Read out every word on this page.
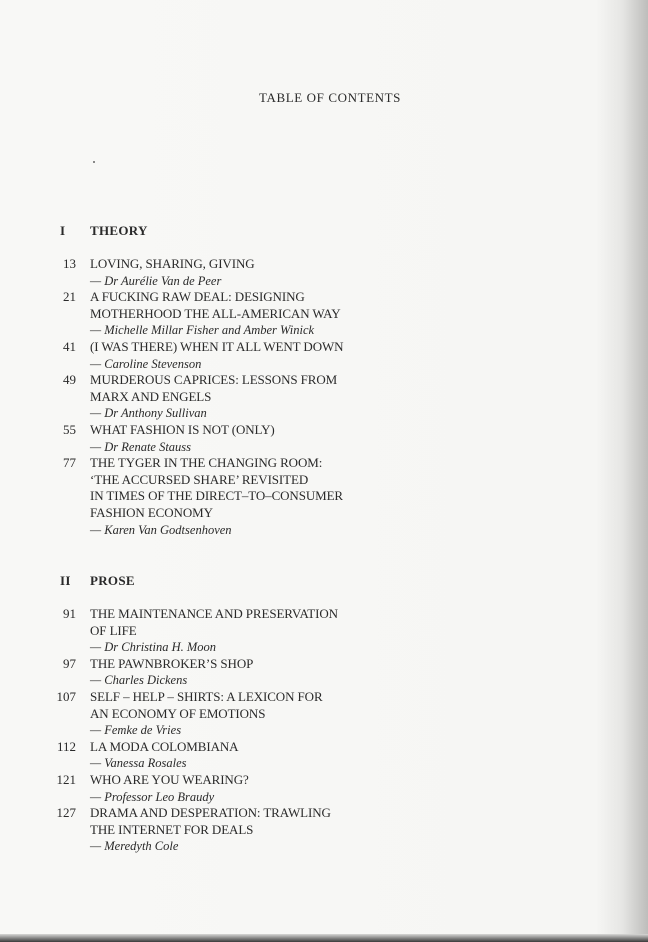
TABLE OF CONTENTS
I THEORY
13 LOVING, SHARING, GIVING
— Dr Aurélie Van de Peer
21 A FUCKING RAW DEAL: DESIGNING
MOTHERHOOD THE ALL-AMERICAN WAY
— Michelle Millar Fisher and Amber Winick
41 (I WAS THERE) WHEN IT ALL WENT DOWN
— Caroline Stevenson
49 MURDEROUS CAPRICES: LESSONS FROM
MARX AND ENGELS
— Dr Anthony Sullivan
55 WHAT FASHION IS NOT (ONLY)
— Dr Renate Stauss
77 THE TYGER IN THE CHANGING ROOM:
‘THE ACCURSED SHARE’ REVISITED
IN TIMES OF THE DIRECT–TO–CONSUMER
FASHION ECONOMY
— Karen Van Godtsenhoven
II PROSE
91 THE MAINTENANCE AND PRESERVATION
OF LIFE
— Dr Christina H. Moon
97 THE PAWNBROKER’S SHOP
— Charles Dickens
107 SELF – HELP – SHIRTS: A LEXICON FOR
AN ECONOMY OF EMOTIONS
— Femke de Vries
112 LA MODA COLOMBIANA
— Vanessa Rosales
121 WHO ARE YOU WEARING?
— Professor Leo Braudy
127 DRAMA AND DESPERATION: TRAWLING
THE INTERNET FOR DEALS
— Meredyth Cole
